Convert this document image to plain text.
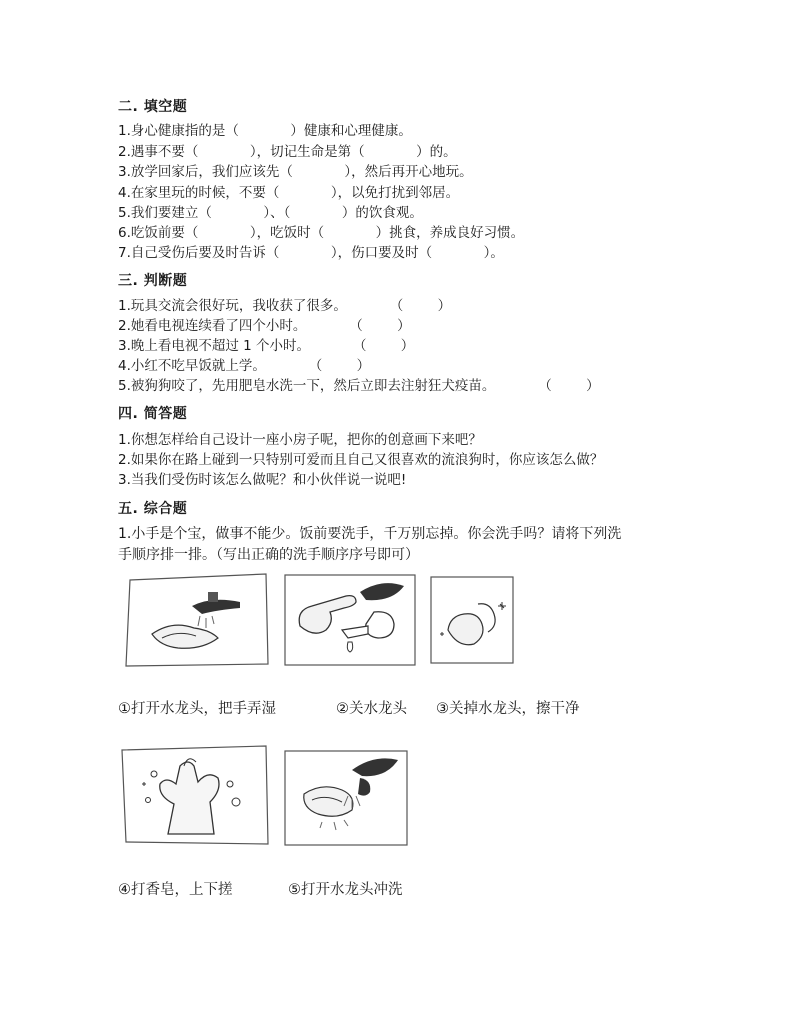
二. 填空题
1.身心健康指的是（            ）健康和心理健康。
2.遇事不要（            ），切记生命是第（            ）的。
3.放学回家后，我们应该先（            ），然后再开心地玩。
4.在家里玩的时候，不要（            ），以免打扰到邻居。
5.我们要建立（            ）、（            ）的饮食观。
6.吃饭前要（            ），吃饭时（            ）挑食，养成良好习惯。
7.自己受伤后要及时告诉（            ），伤口要及时（            ）。
三. 判断题
1.玩具交流会很好玩，我收获了很多。          （        ）
2.她看电视连续看了四个小时。          （        ）
3.晚上看电视不超过 1 个小时。          （        ）
4.小红不吃早饭就上学。          （        ）
5.被狗狗咬了，先用肥皂水洗一下，然后立即去注射狂犬疫苗。          （        ）
四. 简答题
1.你想怎样给自己设计一座小房子呢，把你的创意画下来吧？
2.如果你在路上碰到一只特别可爱而且自己又很喜欢的流浪狗时，你应该怎么做？
3.当我们受伤时该怎么做呢？和小伙伴说一说吧!
五. 综合题
1.小手是个宝，做事不能少。饭前要洗手，千万别忘掉。你会洗手吗？请将下列洗
手顺序排一排。（写出正确的洗手顺序序号即可）
①打开水龙头，把手弄湿	②关水龙头 ③关掉水龙头，擦干净
④打香皂，上下搓	⑤打开水龙头冲洗
